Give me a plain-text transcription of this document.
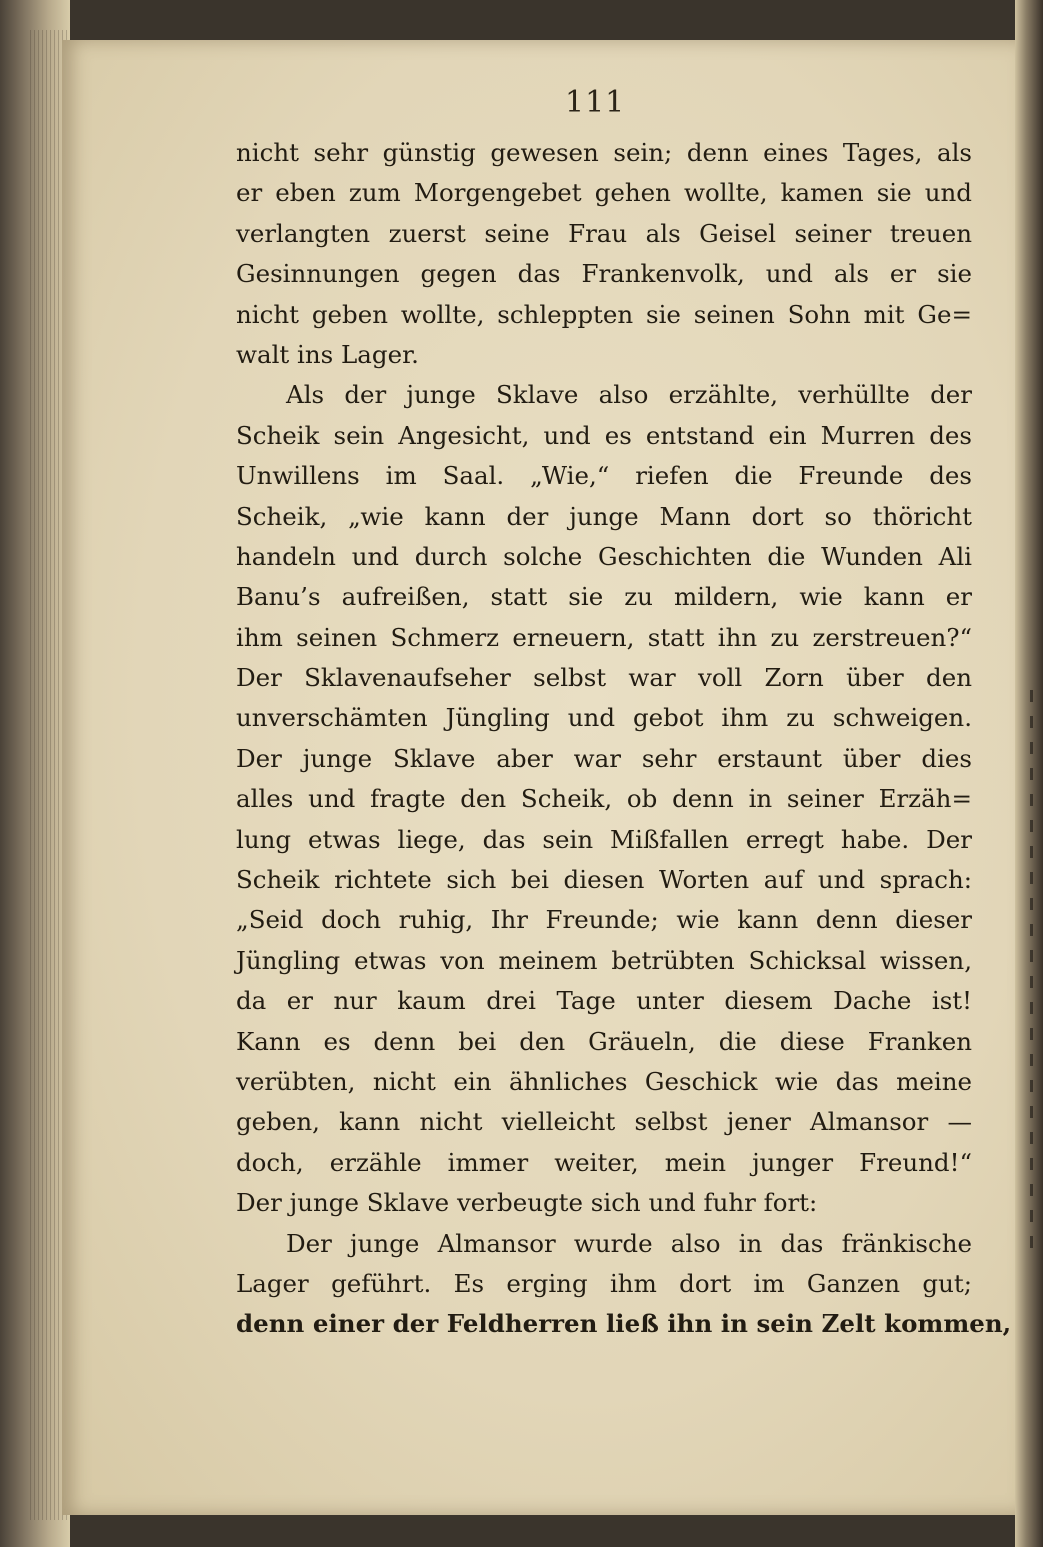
111
nicht sehr günstig gewesen sein; denn eines Tages, als
er eben zum Morgengebet gehen wollte, kamen sie und
verlangten zuerst seine Frau als Geisel seiner treuen
Gesinnungen gegen das Frankenvolk, und als er sie
nicht geben wollte, schleppten sie seinen Sohn mit Ge=
walt ins Lager.
Als der junge Sklave also erzählte, verhüllte der
Scheik sein Angesicht, und es entstand ein Murren des
Unwillens im Saal. „Wie,“ riefen die Freunde des
Scheik, „wie kann der junge Mann dort so thöricht
handeln und durch solche Geschichten die Wunden Ali
Banu’s aufreißen, statt sie zu mildern, wie kann er
ihm seinen Schmerz erneuern, statt ihn zu zerstreuen?“
Der Sklavenaufseher selbst war voll Zorn über den
unverschämten Jüngling und gebot ihm zu schweigen.
Der junge Sklave aber war sehr erstaunt über dies
alles und fragte den Scheik, ob denn in seiner Erzäh=
lung etwas liege, das sein Mißfallen erregt habe. Der
Scheik richtete sich bei diesen Worten auf und sprach:
„Seid doch ruhig, Ihr Freunde; wie kann denn dieser
Jüngling etwas von meinem betrübten Schicksal wissen,
da er nur kaum drei Tage unter diesem Dache ist!
Kann es denn bei den Gräueln, die diese Franken
verübten, nicht ein ähnliches Geschick wie das meine
geben, kann nicht vielleicht selbst jener Almansor —
doch, erzähle immer weiter, mein junger Freund!“
Der junge Sklave verbeugte sich und fuhr fort:
Der junge Almansor wurde also in das fränkische
Lager geführt. Es erging ihm dort im Ganzen gut;
denn einer der Feldherren ließ ihn in sein Zelt kommen,
